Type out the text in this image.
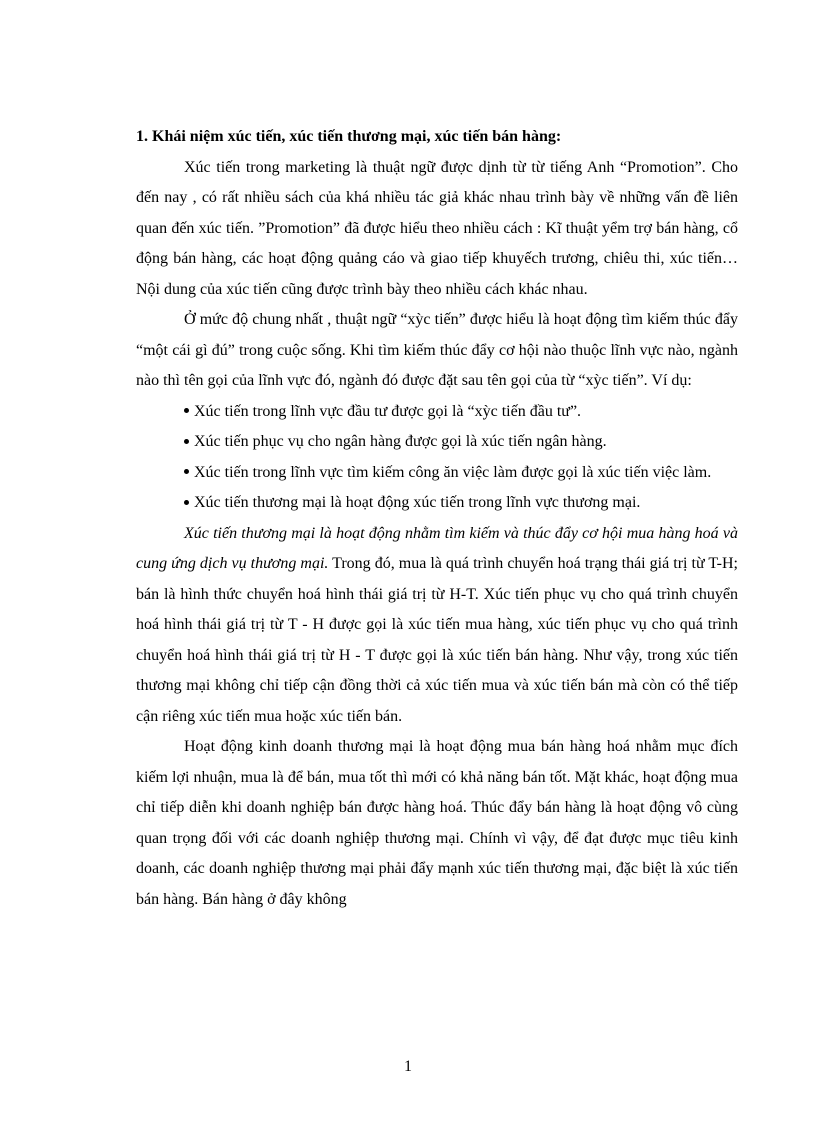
1. Khái niệm xúc tiến, xúc tiến thương mại, xúc tiến bán hàng:

Xúc tiến trong marketing là thuật ngữ được dịnh từ từ tiếng Anh “Promotion”. Cho đến nay , có rất nhiều sách của khá nhiều tác giả khác nhau trình bày về những vấn đề liên quan đến xúc tiến. ”Promotion” đã được hiểu theo nhiều cách : Kĩ thuật yểm trợ bán hàng, cổ động bán hàng, các hoạt động quảng cáo và giao tiếp khuyếch trương, chiêu thi, xúc tiến…Nội dung của xúc tiến cũng được trình bày theo nhiều cách khác nhau.

Ở mức độ chung nhất , thuật ngữ “xỳc tiến” được hiểu là hoạt động tìm kiếm thúc đẩy “một cái gì đú” trong cuộc sống. Khi tìm kiếm thúc đẩy cơ hội nào thuộc lĩnh vực nào, ngành nào thì tên gọi của lĩnh vực đó, ngành đó được đặt sau tên gọi của từ “xỳc tiến”. Ví dụ:

Xúc tiến trong lĩnh vực đầu tư được gọi là “xỳc tiến đầu tư”.

Xúc tiến phục vụ cho ngân hàng được gọi là xúc tiến ngân hàng.

Xúc tiến trong lĩnh vực tìm kiếm công ăn việc làm được gọi là xúc tiến việc làm.

Xúc tiến thương mại là hoạt động xúc tiến trong lĩnh vực thương mại.

Xúc tiến thương mại là hoạt động nhằm tìm kiếm và thúc đẩy cơ hội mua hàng hoá và cung ứng dịch vụ thương mại. Trong đó, mua là quá trình chuyển hoá trạng thái giá trị từ T-H; bán là hình thức chuyển hoá hình thái giá trị từ H-T. Xúc tiến phục vụ cho quá trình chuyển hoá hình thái giá trị từ T - H được gọi là xúc tiến mua hàng, xúc tiến phục vụ cho quá trình chuyển hoá hình thái giá trị từ H - T được gọi là xúc tiến bán hàng. Như vậy, trong xúc tiến thương mại không chỉ tiếp cận đồng thời cả xúc tiến mua và xúc tiến bán mà còn có thể tiếp cận riêng xúc tiến mua hoặc xúc tiến bán.

Hoạt động kinh doanh thương mại là hoạt động mua bán hàng hoá nhằm mục đích kiếm lợi nhuận, mua là để bán, mua tốt thì mới có khả năng bán tốt. Mặt khác, hoạt động mua chỉ tiếp diễn khi doanh nghiệp bán được hàng hoá. Thúc đẩy bán hàng là hoạt động vô cùng quan trọng đối với các doanh nghiệp thương mại. Chính vì vậy, để đạt được mục tiêu kinh doanh, các doanh nghiệp thương mại phải đẩy mạnh xúc tiến thương mại, đặc biệt là xúc tiến bán hàng. Bán hàng ở đây không

1
